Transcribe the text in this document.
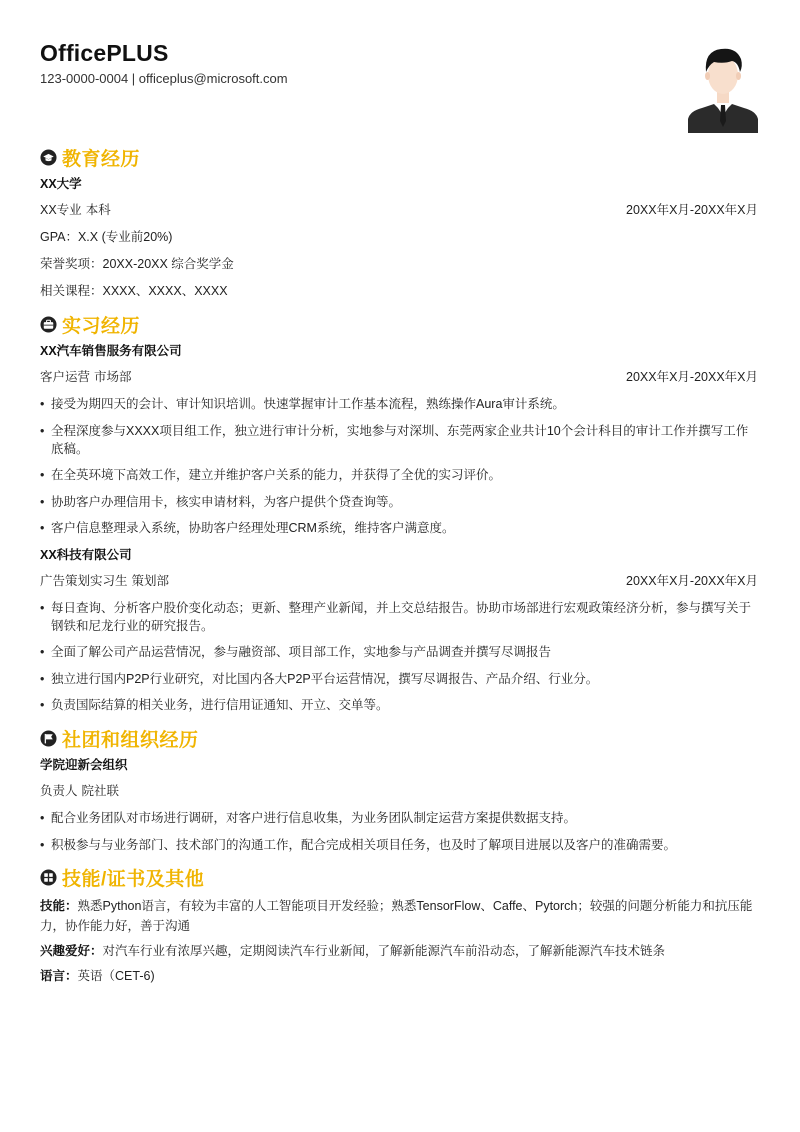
OfficePLUS
123-0000-0004 | officeplus@microsoft.com
教育经历
XX大学
XX专业 本科	20XX年X月-20XX年X月
GPA：X.X (专业前20%)
荣誉奖项：20XX-20XX 综合奖学金
相关课程：XXXX、XXXX、XXXX
实习经历
XX汽车销售服务有限公司
客户运营 市场部	20XX年X月-20XX年X月
• 接受为期四天的会计、审计知识培训。快速掌握审计工作基本流程，熟练操作Aura审计系统。
• 全程深度参与XXXX项目组工作，独立进行审计分析，实地参与对深圳、东莞两家企业共计10个会计科目的审计工作并撰写工作底稿。
• 在全英环境下高效工作，建立并维护客户关系的能力，并获得了全优的实习评价。
• 协助客户办理信用卡，核实申请材料，为客户提供个贷查询等。
• 客户信息整理录入系统，协助客户经理处理CRM系统，维持客户满意度。
XX科技有限公司
广告策划实习生 策划部	20XX年X月-20XX年X月
• 每日查询、分析客户股价变化动态；更新、整理产业新闻，并上交总结报告。协助市场部进行宏观政策经济分析，参与撰写关于钢铁和尼龙行业的研究报告。
• 全面了解公司产品运营情况，参与融资部、项目部工作，实地参与产品调查并撰写尽调报告
• 独立进行国内P2P行业研究，对比国内各大P2P平台运营情况，撰写尽调报告、产品介绍、行业分。
• 负责国际结算的相关业务，进行信用证通知、开立、交单等。
社团和组织经历
学院迎新会组织
负责人 院社联
• 配合业务团队对市场进行调研，对客户进行信息收集，为业务团队制定运营方案提供数据支持。
• 积极参与与业务部门、技术部门的沟通工作，配合完成相关项目任务，也及时了解项目进展以及客户的准确需要。
技能/证书及其他
技能：熟悉Python语言，有较为丰富的人工智能项目开发经验；熟悉TensorFlow、Caffe、Pytorch；较强的问题分析能力和抗压能力，协作能力好，善于沟通
兴趣爱好：对汽车行业有浓厚兴趣，定期阅读汽车行业新闻，了解新能源汽车前沿动态，了解新能源汽车技术链条
语言：英语（CET-6)
